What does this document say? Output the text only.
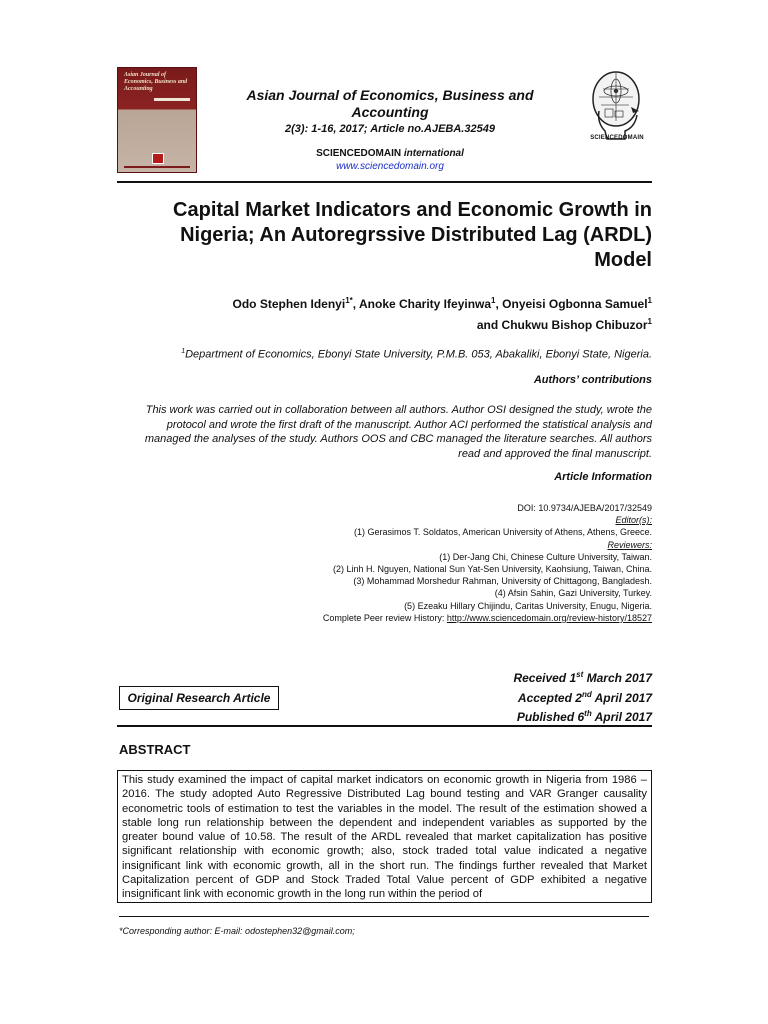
Asian Journal of Economics, Business and Accounting	Asian Journal of Economics, Business and Accounting
2(3): 1-16, 2017; Article no.AJEBA.32549
SCIENCEDOMAIN international
www.sciencedomain.org
SCIENCEDOMAIN
Capital Market Indicators and Economic Growth in Nigeria; An Autoregrssive Distributed Lag (ARDL) Model
Odo Stephen Idenyi$^{1*}$, Anoke Charity Ifeyinwa$^1$, Onyeisi Ogbonna Samuel$^1$
and Chukwu Bishop Chibuzor$^1$
$^1$Department of Economics, Ebonyi State University, P.M.B. 053, Abakaliki, Ebonyi State, Nigeria.
Authors’ contributions
This work was carried out in collaboration between all authors. Author OSI designed the study, wrote the protocol and wrote the first draft of the manuscript. Author ACI performed the statistical analysis and managed the analyses of the study. Authors OOS and CBC managed the literature searches. All authors read and approved the final manuscript.
Article Information
DOI: 10.9734/AJEBA/2017/32549
Editor(s):
(1) Gerasimos T. Soldatos, American University of Athens, Athens, Greece.
Reviewers:
(1) Der-Jang Chi, Chinese Culture University, Taiwan.
(2) Linh H. Nguyen, National Sun Yat-Sen University, Kaohsiung, Taiwan, China.
(3) Mohammad Morshedur Rahman, University of Chittagong, Bangladesh.
(4) Afsin Sahin, Gazi University, Turkey.
(5) Ezeaku Hillary Chijindu, Caritas University, Enugu, Nigeria.
Complete Peer review History: http://www.sciencedomain.org/review-history/18527
Received 1st March 2017
Accepted 2nd April 2017
Published 6th April 2017
Original Research Article
ABSTRACT
This study examined the impact of capital market indicators on economic growth in Nigeria from 1986 – 2016. The study adopted Auto Regressive Distributed Lag bound testing and VAR Granger causality econometric tools of estimation to test the variables in the model. The result of the estimation showed a stable long run relationship between the dependent and independent variables as supported by the greater bound value of 10.58. The result of the ARDL revealed that market capitalization has positive significant relationship with economic growth; also, stock traded total value indicated a negative insignificant link with economic growth, all in the short run. The findings further revealed that Market Capitalization percent of GDP and Stock Traded Total Value percent of GDP exhibited a negative insignificant link with economic growth in the long run within the period of
*Corresponding author: E-mail: odostephen32@gmail.com;
